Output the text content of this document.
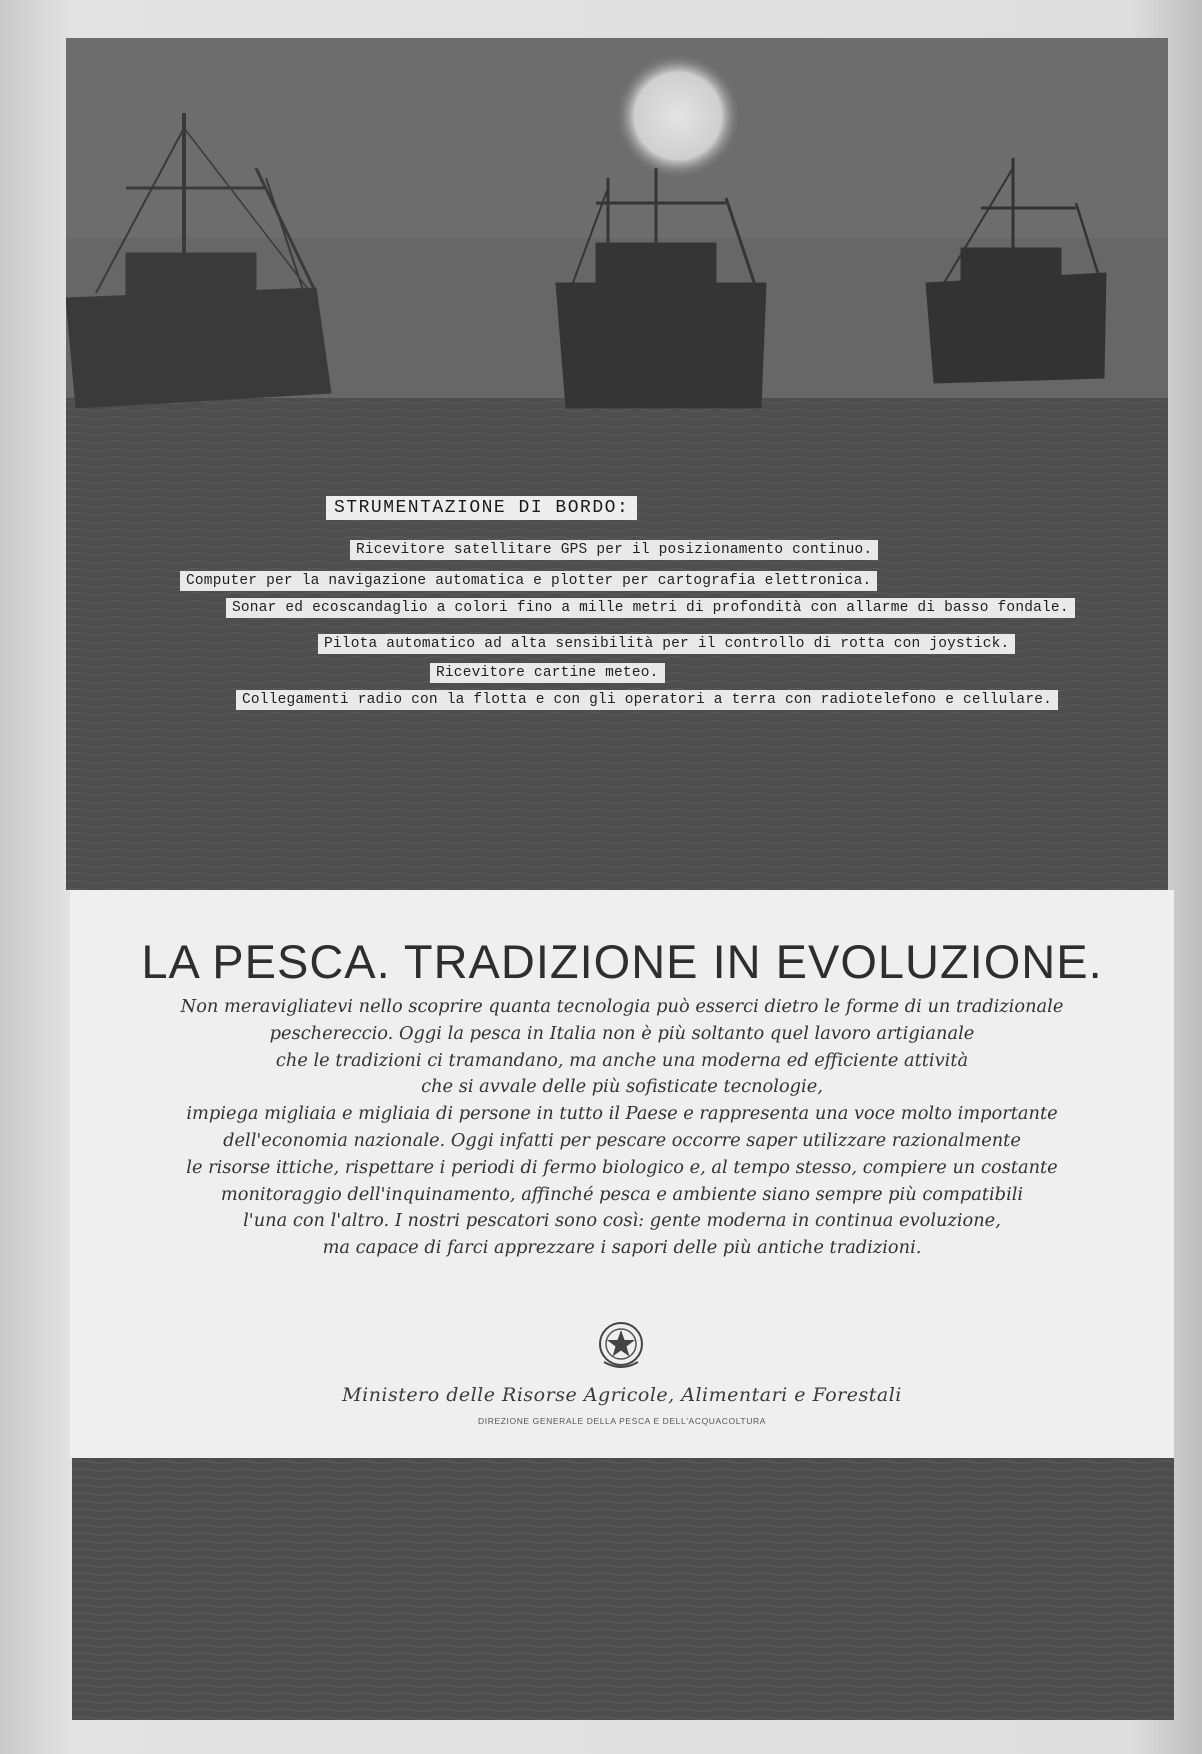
STRUMENTAZIONE DI BORDO:
Ricevitore satellitare GPS per il posizionamento continuo.
Computer per la navigazione automatica e plotter per cartografia elettronica.
Sonar ed ecoscandaglio a colori fino a mille metri di profondità con allarme di basso fondale.
Pilota automatico ad alta sensibilità per il controllo di rotta con joystick.
Ricevitore cartine meteo.
Collegamenti radio con la flotta e con gli operatori a terra con radiotelefono e cellulare.
LA PESCA. TRADIZIONE IN EVOLUZIONE.
Non meravigliatevi nello scoprire quanta tecnologia può esserci dietro le forme di un tradizionale
peschereccio. Oggi la pesca in Italia non è più soltanto quel lavoro artigianale
che le tradizioni ci tramandano, ma anche una moderna ed efficiente attività
che si avvale delle più sofisticate tecnologie,
impiega migliaia e migliaia di persone in tutto il Paese e rappresenta una voce molto importante
dell'economia nazionale. Oggi infatti per pescare occorre saper utilizzare razionalmente
le risorse ittiche, rispettare i periodi di fermo biologico e, al tempo stesso, compiere un costante
monitoraggio dell'inquinamento, affinché pesca e ambiente siano sempre più compatibili
l'una con l'altro. I nostri pescatori sono così: gente moderna in continua evoluzione,
ma capace di farci apprezzare i sapori delle più antiche tradizioni.
Ministero delle Risorse Agricole, Alimentari e Forestali
DIREZIONE GENERALE DELLA PESCA E DELL'ACQUACOLTURA
